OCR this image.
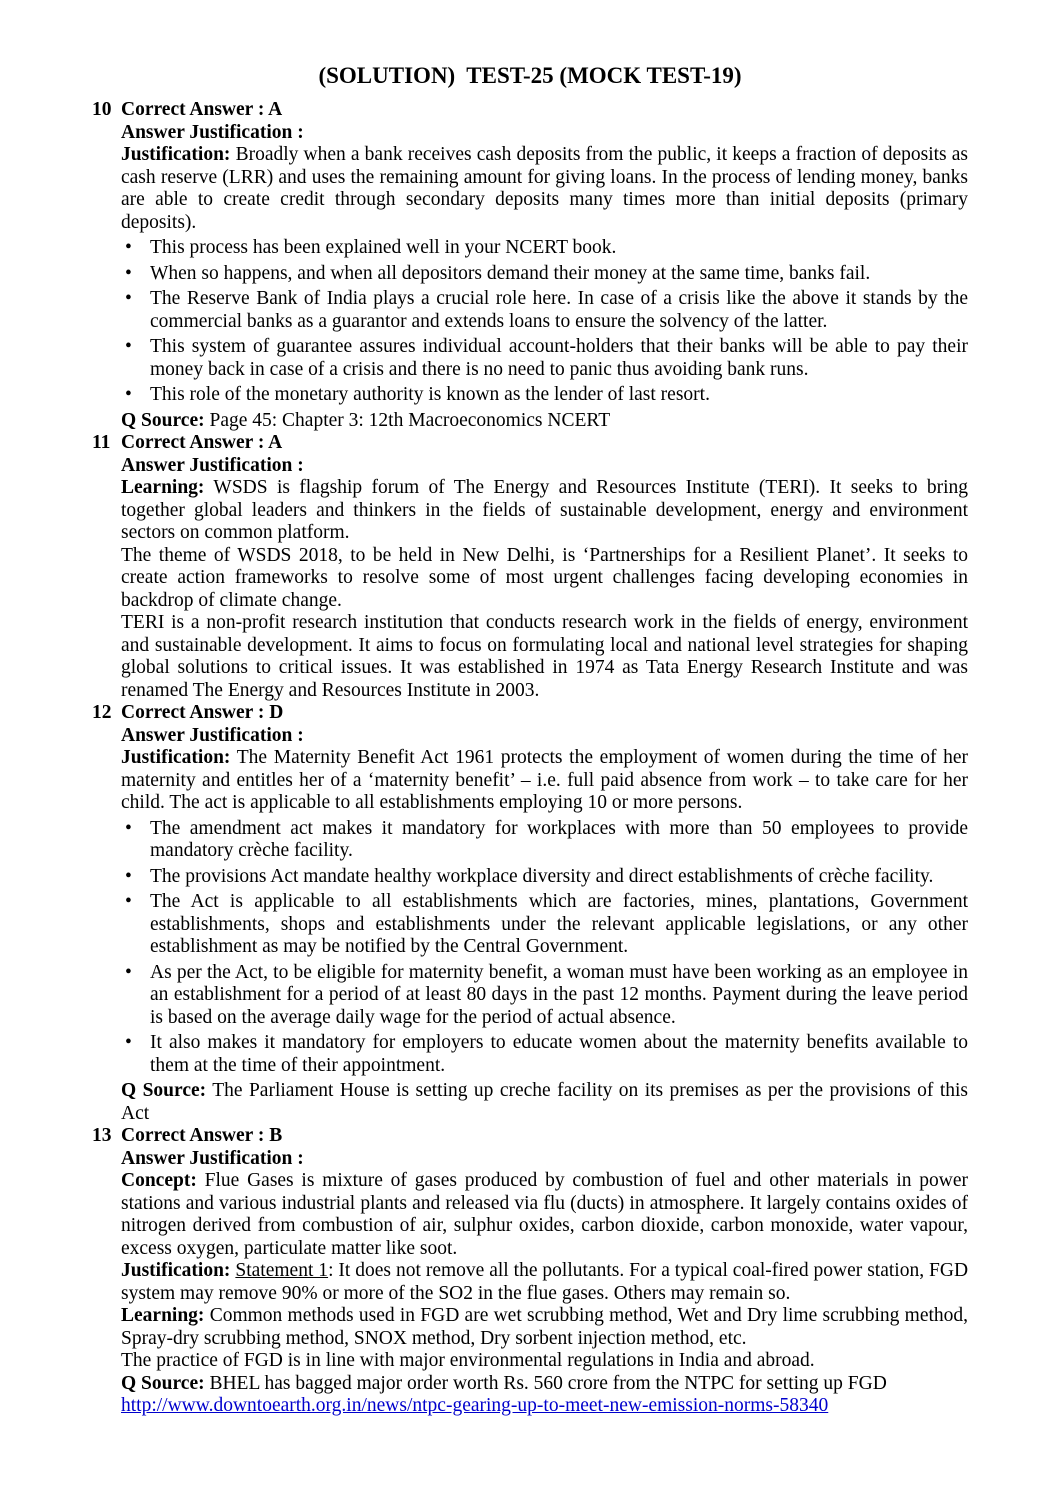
(SOLUTION)  TEST-25 (MOCK TEST-19)
10 Correct Answer : A
Answer Justification :
Justification: Broadly when a bank receives cash deposits from the public, it keeps a fraction of deposits as cash reserve (LRR) and uses the remaining amount for giving loans. In the process of lending money, banks are able to create credit through secondary deposits many times more than initial deposits (primary deposits).
• This process has been explained well in your NCERT book.
• When so happens, and when all depositors demand their money at the same time, banks fail.
• The Reserve Bank of India plays a crucial role here. In case of a crisis like the above it stands by the commercial banks as a guarantor and extends loans to ensure the solvency of the latter.
• This system of guarantee assures individual account-holders that their banks will be able to pay their money back in case of a crisis and there is no need to panic thus avoiding bank runs.
• This role of the monetary authority is known as the lender of last resort.
Q Source: Page 45: Chapter 3: 12th Macroeconomics NCERT
11 Correct Answer : A
Answer Justification :
Learning: WSDS is flagship forum of The Energy and Resources Institute (TERI). It seeks to bring together global leaders and thinkers in the fields of sustainable development, energy and environment sectors on common platform.
The theme of WSDS 2018, to be held in New Delhi, is ‘Partnerships for a Resilient Planet’. It seeks to create action frameworks to resolve some of most urgent challenges facing developing economies in backdrop of climate change.
TERI is a non-profit research institution that conducts research work in the fields of energy, environment and sustainable development. It aims to focus on formulating local and national level strategies for shaping global solutions to critical issues. It was established in 1974 as Tata Energy Research Institute and was renamed The Energy and Resources Institute in 2003.
12 Correct Answer : D
Answer Justification :
Justification: The Maternity Benefit Act 1961 protects the employment of women during the time of her maternity and entitles her of a ‘maternity benefit’ – i.e. full paid absence from work – to take care for her child. The act is applicable to all establishments employing 10 or more persons.
• The amendment act makes it mandatory for workplaces with more than 50 employees to provide mandatory crèche facility.
• The provisions Act mandate healthy workplace diversity and direct establishments of crèche facility.
• The Act is applicable to all establishments which are factories, mines, plantations, Government establishments, shops and establishments under the relevant applicable legislations, or any other establishment as may be notified by the Central Government.
• As per the Act, to be eligible for maternity benefit, a woman must have been working as an employee in an establishment for a period of at least 80 days in the past 12 months. Payment during the leave period is based on the average daily wage for the period of actual absence.
• It also makes it mandatory for employers to educate women about the maternity benefits available to them at the time of their appointment.
Q Source: The Parliament House is setting up creche facility on its premises as per the provisions of this Act
13 Correct Answer : B
Answer Justification :
Concept: Flue Gases is mixture of gases produced by combustion of fuel and other materials in power stations and various industrial plants and released via flu (ducts) in atmosphere. It largely contains oxides of nitrogen derived from combustion of air, sulphur oxides, carbon dioxide, carbon monoxide, water vapour, excess oxygen, particulate matter like soot.
Justification: Statement 1: It does not remove all the pollutants. For a typical coal-fired power station, FGD system may remove 90% or more of the SO2 in the flue gases. Others may remain so.
Learning: Common methods used in FGD are wet scrubbing method, Wet and Dry lime scrubbing method, Spray-dry scrubbing method, SNOX method, Dry sorbent injection method, etc.
The practice of FGD is in line with major environmental regulations in India and abroad.
Q Source: BHEL has bagged major order worth Rs. 560 crore from the NTPC for setting up FGD
http://www.downtoearth.org.in/news/ntpc-gearing-up-to-meet-new-emission-norms-58340
